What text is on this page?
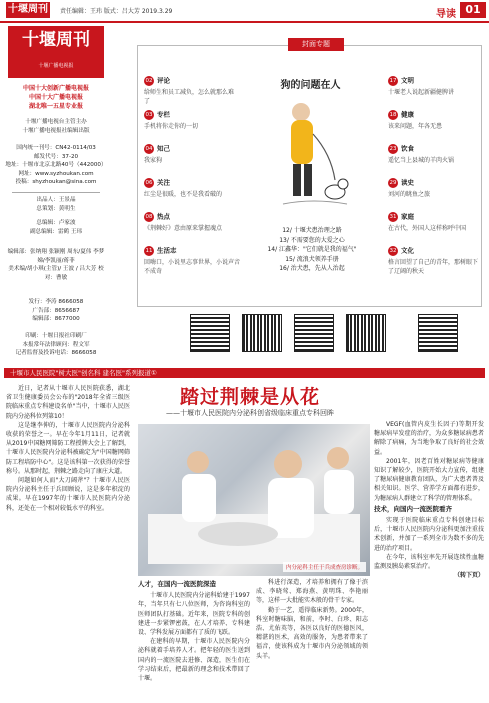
十堰周刊	责任编辑：王玮 版式：吕大芳 2019.3.29	导读 01
十堰周刊
十堰广播电视报
中国十大创新广播电视报
中国十大广播电视报
湖北唯一五星专业报
十堰广播电视台主管主办
十堰广播电视报社编辑出版
国内统一刊号：CN42-0114/03
邮发代号：37-20
地址：十堰市北京北路40号（442000）
网址：www.syzhoukan.com
投稿：shyzhoukan@sina.com
出品人：王景晶
总策划：黄明生
总编辑：卢家波
副总编辑：雷鹤 王玮
编辑部：张纳翔 张颖刚 周东/夏伟 李梦娣/李凯丽/蒋菲
美术编/胡小琪(主管)/ 王波 / 吕大芳 校对：曹敏
发行：李涛 8666058
广告部：8656687
编辑部：8677000
印刷：十堰日报社印刷厂
本报常年法律顾问：程文军
记者监督及投诉电话：8666058
封面专题
狗的问题在人
12/ 十堰犬患治理之路
13/ 不需要您的大爱之心
14/ 江鑫华："它们就是我的福气"
15/ 流浪犬领养手册
16/ 治犬患，先从人治起
02 评论
给师生和员工减负，怎么就那么难了
03 专栏
手机将你走你的一切
04 知己
我家狗
06 关注
红尘是很暖，也不是我看破的
08 热点
《荆棘好》意由原来掌握魂点
11 生活志
回嗨口，小说里志事世界，小说声音不成奇
17 文明
十堰老人说起新疆健脾讲
18 健康
该来问题，年各无患
23 饮食
遥忆当上县城的羊肉火锅
29 读史
刘河的眺鱼之旅
31 家庭
在古代，外国人这样称呼中国
32 文化
格言回望了自己的青年，那树眼下了辽阔的秋天
十堰市人民医院"树大医"创名科 建名医"系列报道①
踏过荆棘是从花
——十堰市人民医院内分泌科创省级临床重点专科回眸

近日，记者从十堰市人民医院获悉，湖北省卫生健康委员会公布的"2018年全省三级医院临床重点专科建设名单"当中，十堰市人民医院内分泌科位列第10！

这是继李伸的，十堰市人民医院内分泌科收获的荣誉之一。早在今年1月11日，记者就从2019中国糖网筛防工程授牌大会上了解到，十堰市人民医院内分泌科被确定为"中国糖网筛防工程培防中心"。这是该科第一次获得的荣誉称号。从那时起，荆棘之路走向了康庄大道。

问题如何人而"大刀阔斧"？十堰市人民医院内分泌科主任于兵回顾说，这是多年积淀的成果。早在1997年的十堰市人民医院内分泌科，还处在一个相对较低水平的科室。

内分泌科主任于兵成查房诊断。
人才，在国内一流医院深造

十堰市人民医院内分泌科始建于1997年，当年只有七八位医师，为咨询科室的医师团队打基础。近年来，医院专科的创建进一步紧锣密鼓，在人才培养、专科建设、学科发展方面都有了质的飞跃。

在建科的早期，十堰市人民医院内分泌科就着手培养人才。把年轻的医生送到国内的一流医院去进修、深造，医生们在学习结束后，把最新的理念和技术带回了十堰。

科进行深造，才培养和拥有了像于滨成、李晓莺、郑海燕、黄明珠、李艳丽等，这样一大批能实木般的骨干专家。

勤于一艺，遥得临床新势。2000年，科室时糖味脑，和前，李时、白珍、阳志浩、尤佑英等，各医以良好的医德医风，精湛的医术，高效的服务，为患者带来了福音，使该科成为十堰市内分泌领域的领头羊。

VEGF(血管内皮生长因子)等期开发糖尿病早发症的治疗，为众多糖尿病患者解除了病痛，为当地争取了良好的社会效益。

2001年，因老百姓对糖尿病等健康知识了解较少，医院开始大力宣传，组建了糖尿病健康教育团队，为广大患者普及相关知识。医学、营养学方面都有进步，为糖尿病人群建立了科学的管理体系。

技术，向国内一流医院看齐

实现于医院临床重点专科创建目标后，十堰市人民医院内分泌科更加注重技术创新，并加了一系列全市为数不多的先进的治疗项目。

在今年，该科室率先开展连续性血糖监测及胰岛素泵治疗。

（转下页）
